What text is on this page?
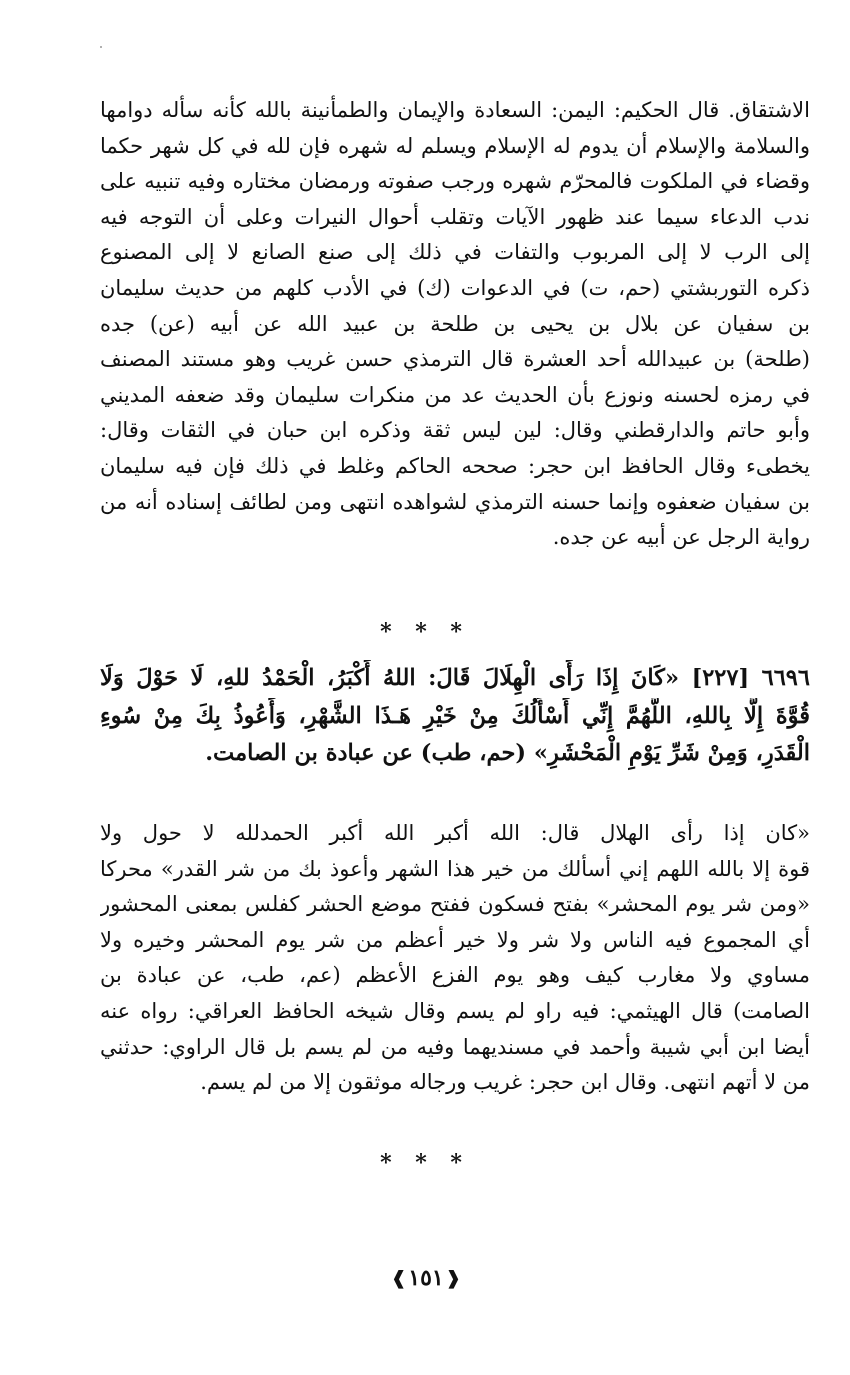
الاشتقاق. قال الحكيم: اليمن: السعادة والإيمان والطمأنينة بالله كأنه سأله دوامها
والسلامة والإسلام أن يدوم له الإسلام ويسلم له شهره فإن لله في كل شهر حكما
وقضاء في الملكوت فالمحرّم شهره ورجب صفوته ورمضان مختاره وفيه تنبيه على
ندب الدعاء سيما عند ظهور الآيات وتقلب أحوال النيرات وعلى أن التوجه فيه
إلى الرب لا إلى المربوب والتفات في ذلك إلى صنع الصانع لا إلى المصنوع
ذكره التوربشتي (حم، ت) في الدعوات (ك) في الأدب كلهم من حديث سليمان
بن سفيان عن بلال بن يحيى بن طلحة بن عبيد الله عن أبيه (عن) جده
(طلحة) بن عبيدالله أحد العشرة قال الترمذي حسن غريب وهو مستند المصنف
في رمزه لحسنه ونوزع بأن الحديث عد من منكرات سليمان وقد ضعفه المديني
وأبو حاتم والدارقطني وقال: لين ليس ثقة وذكره ابن حبان في الثقات وقال:
يخطىء وقال الحافظ ابن حجر: صححه الحاكم وغلط في ذلك فإن فيه سليمان
بن سفيان ضعفوه وإنما حسنه الترمذي لشواهده انتهى ومن لطائف إسناده أنه من
رواية الرجل عن أبيه عن جده.
* * *
٦٦٩٦ [٢٢٧] «كَانَ إِذَا رَأَى الْهِلَالَ قَالَ: اللهُ أَكْبَرُ، الْحَمْدُ للهِ، لَا حَوْلَ وَلَا
قُوَّةَ إِلَّا بِاللهِ، اللَّهُمَّ إِنِّي أَسْأَلُكَ مِنْ خَيْرِ هَـذَا الشَّهْرِ، وَأَعُوذُ بِكَ مِنْ سُوءِ
الْقَدَرِ، وَمِنْ شَرِّ يَوْمِ الْمَحْشَرِ» (حم، طب) عن عبادة بن الصامت.
«كان إذا رأى الهلال قال: الله أكبر الله أكبر الحمدلله لا حول ولا
قوة إلا بالله اللهم إني أسألك من خير هذا الشهر وأعوذ بك من شر القدر» محركا
«ومن شر يوم المحشر» بفتح فسكون ففتح موضع الحشر كفلس بمعنى المحشور
أي المجموع فيه الناس ولا شر ولا خير أعظم من شر يوم المحشر وخيره ولا
مساوي ولا مغارب كيف وهو يوم الفزع الأعظم (عم، طب، عن عبادة بن
الصامت) قال الهيثمي: فيه راو لم يسم وقال شيخه الحافظ العراقي: رواه عنه
أيضا ابن أبي شيبة وأحمد في مسنديهما وفيه من لم يسم بل قال الراوي: حدثني
من لا أتهم انتهى. وقال ابن حجر: غريب ورجاله موثقون إلا من لم يسم.
* * *
❰
١٥١
❱
